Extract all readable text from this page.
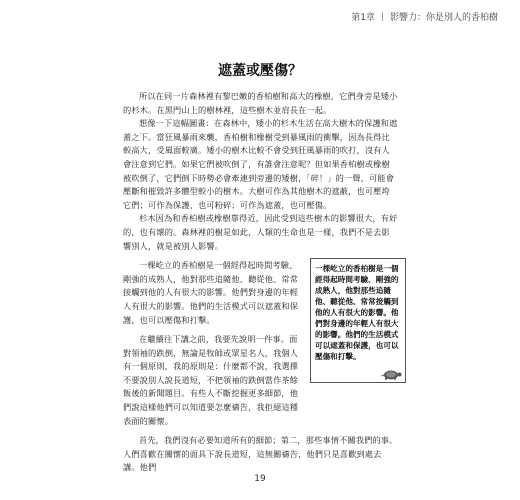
第1章 | 影響力：你是別人的香柏樹
遮蓋或壓傷？

所以在同一片森林裡有黎巴嫩的香柏樹和高大的橡樹，它們身旁是矮小的杉木。在黑門山上的樹林裡，這些樹木並肩長在一起。

想像一下這幅圖畫：在森林中，矮小的杉木生活在高大樹木的保護和遮蓋之下。當狂風暴雨來襲，香柏樹和橡樹受到暴風雨的衝擊，因為長得比較高大，受風面較廣。矮小的樹木比較不會受到狂風暴雨的吹打，沒有人會注意到它們。如果它們被吹倒了，有誰會注意呢？但如果香柏樹或橡樹被吹倒了，它們倒下時勢必會牽連到旁邊的矮樹，「碎！」的一聲，可能會壓斷和摧毀許多體型較小的樹木。大樹可作為其他樹木的遮蔽，也可壓垮它們；可作為保護，也可粉碎；可作為遮蓋，也可壓傷。

杉木因為和香柏樹或橡樹靠得近，因此受到這些樹木的影響很大，有好的，也有壞的。森林裡的樹是如此，人類的生命也是一樣，我們不是去影響別人，就是被別人影響。

一棵屹立的香柏樹是一個經得起時間考驗、剛強的成熟人，他對那些追隨他、聽從他、常常接觸到他的人有很大的影響。他們對身邊的年輕人有很大的影響。他們的生活模式可以遮蓋和保護，也可以壓傷和打擊。

在繼續往下講之前，我要先說明一件事。面對領袖的跌倒，無論是牧師或眾星名人，我個人有一個原則，我的原則是：什麼都不說，我選擇不要說別人說長道短，不把領袖的跌倒當作茶餘飯後的新聞題目。有些人不斷挖掘更多細節，他們說這樣他們可以知道要怎麼禱告，我拒絕這種表面的關懷。

首先，我們沒有必要知道所有的細節；第二，那些事情不關我們的事。人們喜歡在關懷的面具下說長道短，這無關禱告，他們只是喜歡到處去講。他們

一棵屹立的香柏樹是一個經得起時間考驗、剛強的成熟人，他對那些追隨他、聽從他、常常接觸到他的人有很大的影響。他們對身邊的年輕人有很大的影響。他們的生活模式可以遮蓋和保護，也可以壓傷和打擊。
19
